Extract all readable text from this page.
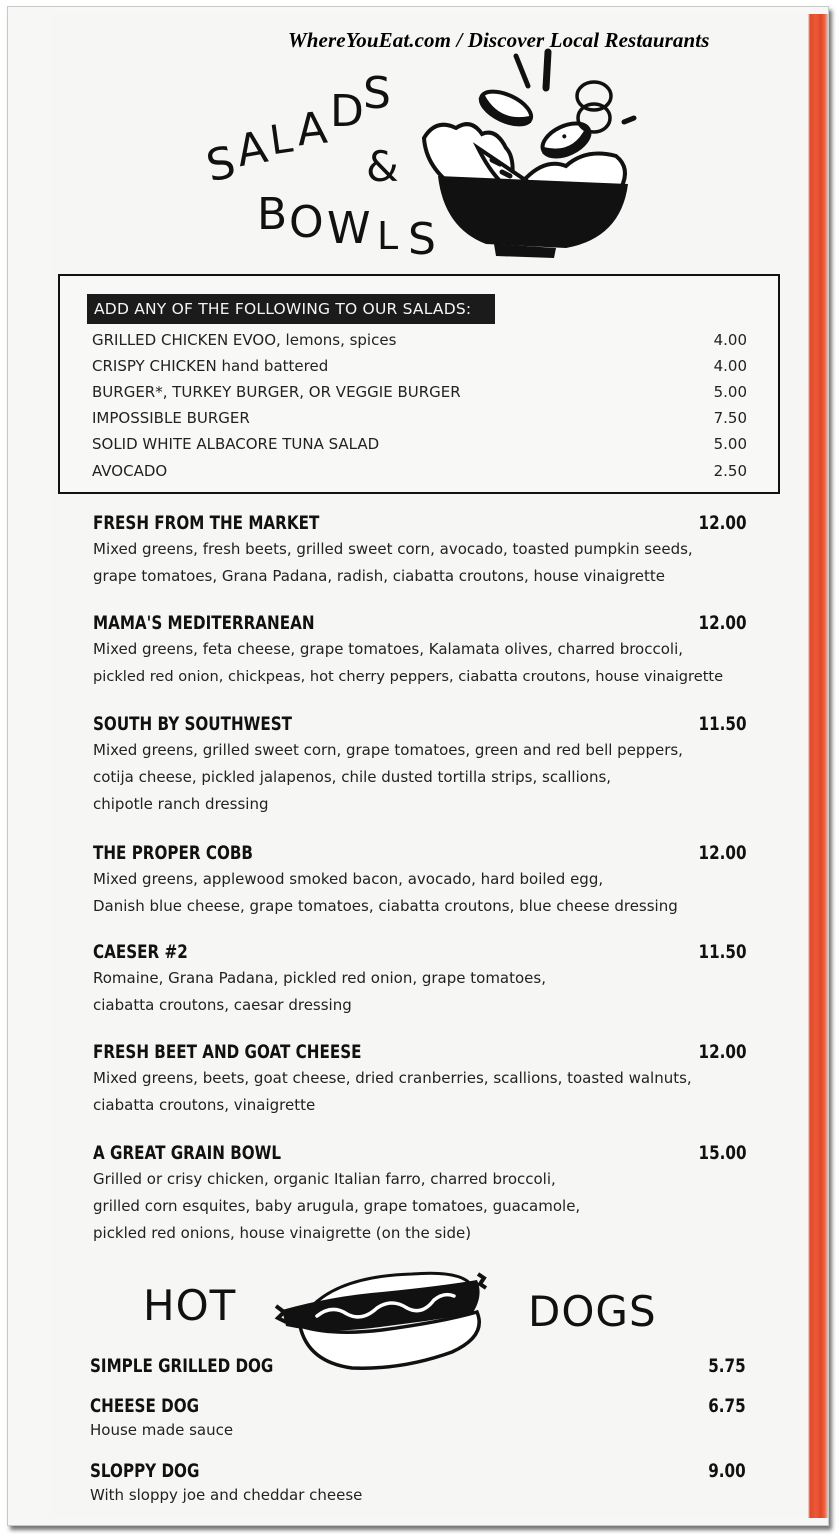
WhereYouEat.com / Discover Local Restaurants
S
A
L
A D S
&
B O W L S
ADD ANY OF THE FOLLOWING TO OUR SALADS:
GRILLED CHICKEN EVOO, lemons, spices	4.00
CRISPY CHICKEN hand battered	4.00
BURGER*, TURKEY BURGER, OR VEGGIE BURGER	5.00
IMPOSSIBLE BURGER	7.50
SOLID WHITE ALBACORE TUNA SALAD	5.00
AVOCADO	2.50
FRESH FROM THE MARKET	12.00
Mixed greens, fresh beets, grilled sweet corn, avocado, toasted pumpkin seeds,
grape tomatoes, Grana Padana, radish, ciabatta croutons, house vinaigrette
MAMA'S MEDITERRANEAN	12.00
Mixed greens, feta cheese, grape tomatoes, Kalamata olives, charred broccoli,
pickled red onion, chickpeas, hot cherry peppers, ciabatta croutons, house vinaigrette
SOUTH BY SOUTHWEST	11.50
Mixed greens, grilled sweet corn, grape tomatoes, green and red bell peppers,
cotija cheese, pickled jalapenos, chile dusted tortilla strips, scallions,
chipotle ranch dressing
THE PROPER COBB	12.00
Mixed greens, applewood smoked bacon, avocado, hard boiled egg,
Danish blue cheese, grape tomatoes, ciabatta croutons, blue cheese dressing
CAESER #2	11.50
Romaine, Grana Padana, pickled red onion, grape tomatoes,
ciabatta croutons, caesar dressing
FRESH BEET AND GOAT CHEESE	12.00
Mixed greens, beets, goat cheese, dried cranberries, scallions, toasted walnuts,
ciabatta croutons, vinaigrette
A GREAT GRAIN BOWL	15.00
Grilled or crisy chicken, organic Italian farro, charred broccoli,
grilled corn esquites, baby arugula, grape tomatoes, guacamole,
pickled red onions, house vinaigrette (on the side)
HOT	DOGS
SIMPLE GRILLED DOG	5.75
CHEESE DOG	6.75
House made sauce
SLOPPY DOG	9.00
With sloppy joe and cheddar cheese
